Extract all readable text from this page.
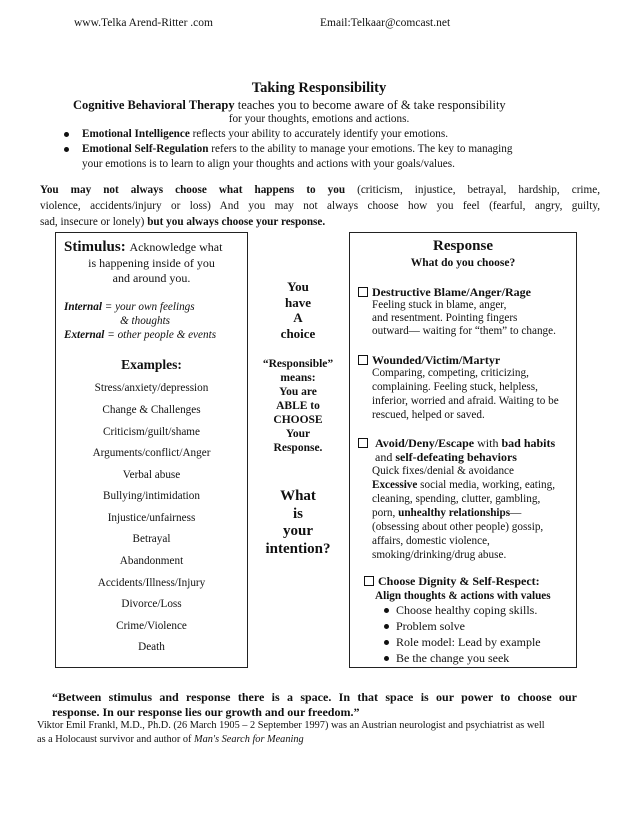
www.Telka Arend-Ritter .com	Email:Telkaar@comcast.net
Taking Responsibility
Cognitive Behavioral Therapy teaches you to become aware of & take responsibility
for your thoughts, emotions and actions.
Emotional Intelligence reflects your ability to accurately identify your emotions.
Emotional Self-Regulation refers to the ability to manage your emotions. The key to managing
your emotions is to learn to align your thoughts and actions with your goals/values.
You may not always choose what happens to you (criticism, injustice, betrayal, hardship, crime,
violence, accidents/injury or loss) And you may not always choose how you feel (fearful, angry, guilty,
sad, insecure or lonely) but you always choose your response.
Stimulus: Acknowledge what
is happening inside of you
and around you.
Internal = your own feelings
& thoughts
External = other people & events
Examples:
Stress/anxiety/depression
Change & Challenges
Criticism/guilt/shame
Arguments/conflict/Anger
Verbal abuse
Bullying/intimidation
Injustice/unfairness
Betrayal
Abandonment
Accidents/Illness/Injury
Divorce/Loss
Crime/Violence
Death
You
have
A
choice
“Responsible”
means:
You are
ABLE to
CHOOSE
Your
Response.
What
is
your
intention?
Response
What do you choose?
Destructive Blame/Anger/Rage
Feeling stuck in blame, anger,
and resentment. Pointing fingers
outward— waiting for “them” to change.
Wounded/Victim/Martyr
Comparing, competing, criticizing,
complaining. Feeling stuck, helpless,
inferior, worried and afraid. Waiting to be
rescued, helped or saved.
Avoid/Deny/Escape with bad habits
and self-defeating behaviors
Quick fixes/denial & avoidance
Excessive social media, working, eating,
cleaning, spending, clutter, gambling,
porn, unhealthy relationships—
(obsessing about other people) gossip,
affairs, domestic violence,
smoking/drinking/drug abuse.
Choose Dignity & Self-Respect:
Align thoughts & actions with values
Choose healthy coping skills.
Problem solve
Role model: Lead by example
Be the change you seek
“Between stimulus and response there is a space. In that space is our power to choose our
response. In our response lies our growth and our freedom.”
Viktor Emil Frankl, M.D., Ph.D. (26 March 1905 – 2 September 1997) was an Austrian neurologist and psychiatrist as well
as a Holocaust survivor and author of Man's Search for Meaning
